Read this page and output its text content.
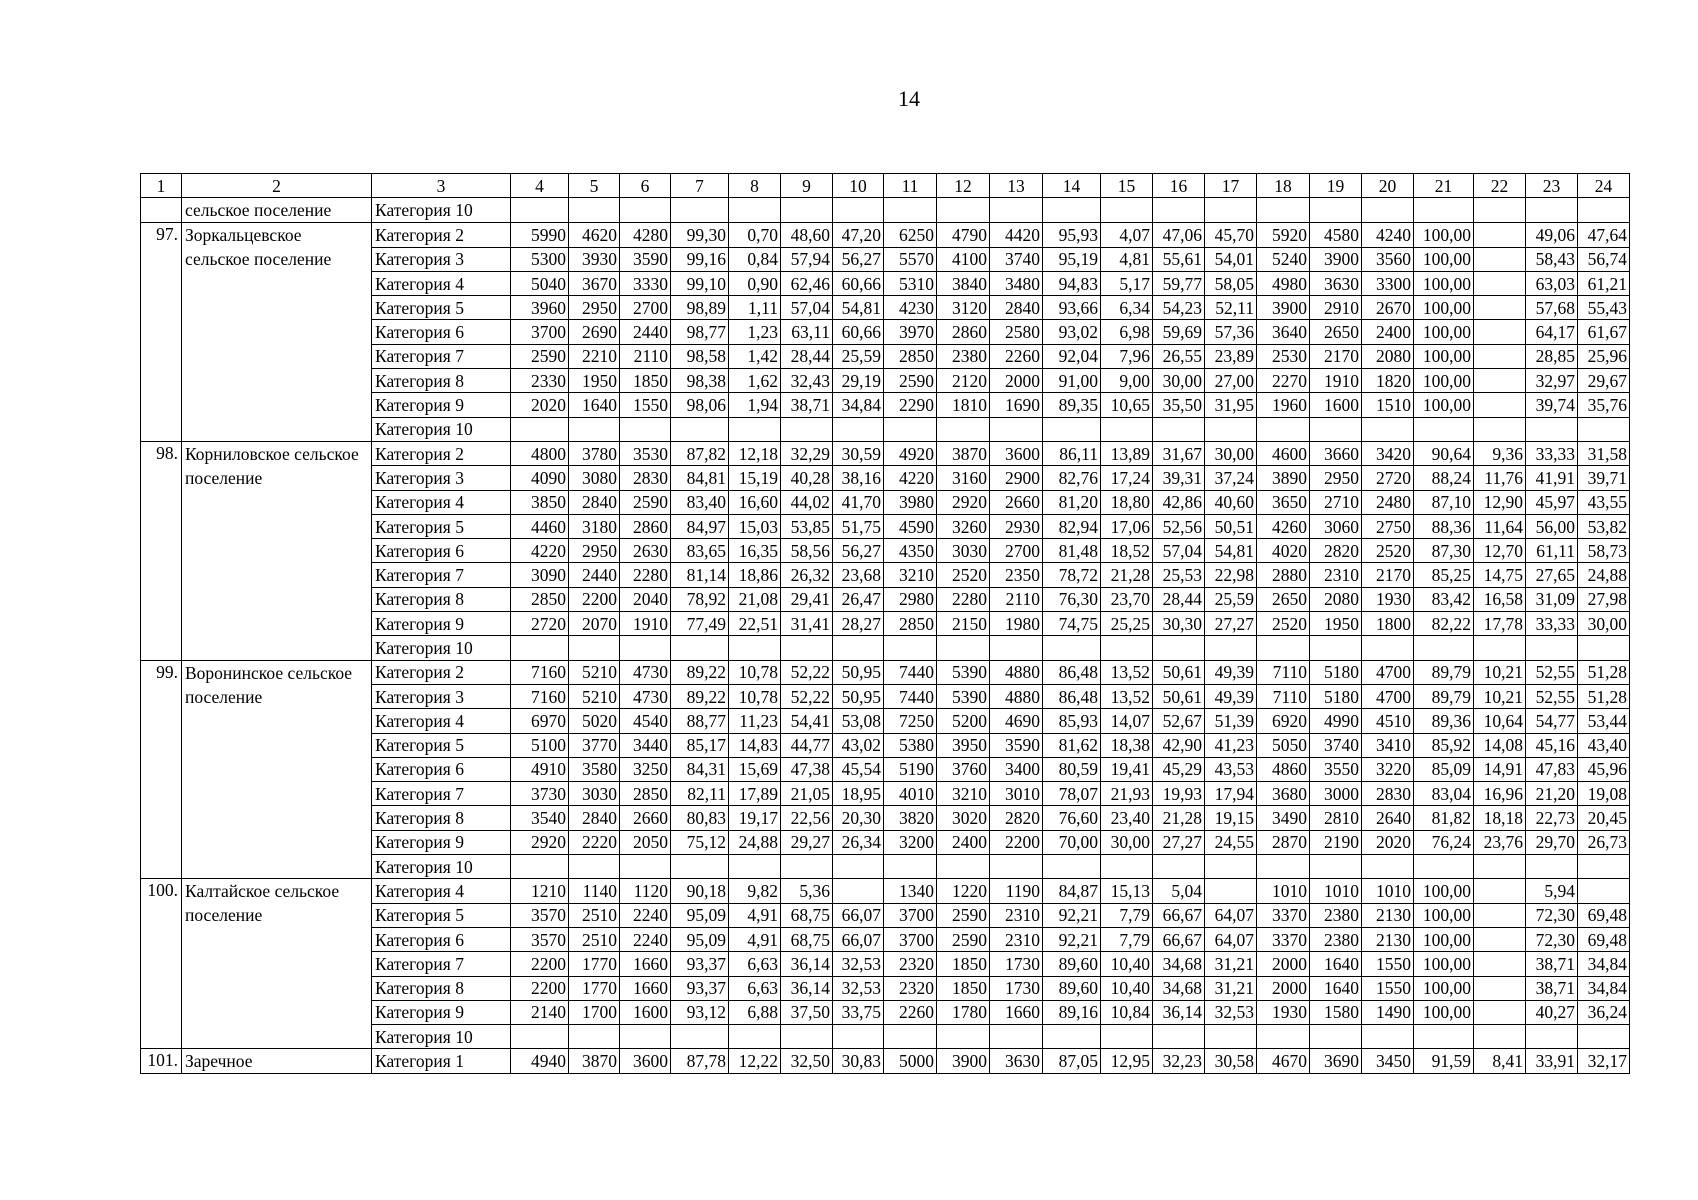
14
1	2	3	4	5	6	7	8	9	10	11	12	13	14	15	16	17	18	19	20	21	22	23	24
	сельское поселение	Категория 10																					
97.	Зоркальцевское сельское поселение	Категория 2	5990	4620	4280	99,30	0,70	48,60	47,20	6250	4790	4420	95,93	4,07	47,06	45,70	5920	4580	4240	100,00		49,06	47,64
		Категория 3	5300	3930	3590	99,16	0,84	57,94	56,27	5570	4100	3740	95,19	4,81	55,61	54,01	5240	3900	3560	100,00		58,43	56,74
		Категория 4	5040	3670	3330	99,10	0,90	62,46	60,66	5310	3840	3480	94,83	5,17	59,77	58,05	4980	3630	3300	100,00		63,03	61,21
		Категория 5	3960	2950	2700	98,89	1,11	57,04	54,81	4230	3120	2840	93,66	6,34	54,23	52,11	3900	2910	2670	100,00		57,68	55,43
		Категория 6	3700	2690	2440	98,77	1,23	63,11	60,66	3970	2860	2580	93,02	6,98	59,69	57,36	3640	2650	2400	100,00		64,17	61,67
		Категория 7	2590	2210	2110	98,58	1,42	28,44	25,59	2850	2380	2260	92,04	7,96	26,55	23,89	2530	2170	2080	100,00		28,85	25,96
		Категория 8	2330	1950	1850	98,38	1,62	32,43	29,19	2590	2120	2000	91,00	9,00	30,00	27,00	2270	1910	1820	100,00		32,97	29,67
		Категория 9	2020	1640	1550	98,06	1,94	38,71	34,84	2290	1810	1690	89,35	10,65	35,50	31,95	1960	1600	1510	100,00		39,74	35,76
		Категория 10																					
98.	Корниловское сельское поселение	Категория 2	4800	3780	3530	87,82	12,18	32,29	30,59	4920	3870	3600	86,11	13,89	31,67	30,00	4600	3660	3420	90,64	9,36	33,33	31,58
		Категория 3	4090	3080	2830	84,81	15,19	40,28	38,16	4220	3160	2900	82,76	17,24	39,31	37,24	3890	2950	2720	88,24	11,76	41,91	39,71
		Категория 4	3850	2840	2590	83,40	16,60	44,02	41,70	3980	2920	2660	81,20	18,80	42,86	40,60	3650	2710	2480	87,10	12,90	45,97	43,55
		Категория 5	4460	3180	2860	84,97	15,03	53,85	51,75	4590	3260	2930	82,94	17,06	52,56	50,51	4260	3060	2750	88,36	11,64	56,00	53,82
		Категория 6	4220	2950	2630	83,65	16,35	58,56	56,27	4350	3030	2700	81,48	18,52	57,04	54,81	4020	2820	2520	87,30	12,70	61,11	58,73
		Категория 7	3090	2440	2280	81,14	18,86	26,32	23,68	3210	2520	2350	78,72	21,28	25,53	22,98	2880	2310	2170	85,25	14,75	27,65	24,88
		Категория 8	2850	2200	2040	78,92	21,08	29,41	26,47	2980	2280	2110	76,30	23,70	28,44	25,59	2650	2080	1930	83,42	16,58	31,09	27,98
		Категория 9	2720	2070	1910	77,49	22,51	31,41	28,27	2850	2150	1980	74,75	25,25	30,30	27,27	2520	1950	1800	82,22	17,78	33,33	30,00
		Категория 10																					
99.	Воронинское сельское поселение	Категория 2	7160	5210	4730	89,22	10,78	52,22	50,95	7440	5390	4880	86,48	13,52	50,61	49,39	7110	5180	4700	89,79	10,21	52,55	51,28
		Категория 3	7160	5210	4730	89,22	10,78	52,22	50,95	7440	5390	4880	86,48	13,52	50,61	49,39	7110	5180	4700	89,79	10,21	52,55	51,28
		Категория 4	6970	5020	4540	88,77	11,23	54,41	53,08	7250	5200	4690	85,93	14,07	52,67	51,39	6920	4990	4510	89,36	10,64	54,77	53,44
		Категория 5	5100	3770	3440	85,17	14,83	44,77	43,02	5380	3950	3590	81,62	18,38	42,90	41,23	5050	3740	3410	85,92	14,08	45,16	43,40
		Категория 6	4910	3580	3250	84,31	15,69	47,38	45,54	5190	3760	3400	80,59	19,41	45,29	43,53	4860	3550	3220	85,09	14,91	47,83	45,96
		Категория 7	3730	3030	2850	82,11	17,89	21,05	18,95	4010	3210	3010	78,07	21,93	19,93	17,94	3680	3000	2830	83,04	16,96	21,20	19,08
		Категория 8	3540	2840	2660	80,83	19,17	22,56	20,30	3820	3020	2820	76,60	23,40	21,28	19,15	3490	2810	2640	81,82	18,18	22,73	20,45
		Категория 9	2920	2220	2050	75,12	24,88	29,27	26,34	3200	2400	2200	70,00	30,00	27,27	24,55	2870	2190	2020	76,24	23,76	29,70	26,73
		Категория 10																					
100.	Калтайское сельское поселение	Категория 4	1210	1140	1120	90,18	9,82	5,36		1340	1220	1190	84,87	15,13	5,04		1010	1010	1010	100,00		5,94	
		Категория 5	3570	2510	2240	95,09	4,91	68,75	66,07	3700	2590	2310	92,21	7,79	66,67	64,07	3370	2380	2130	100,00		72,30	69,48
		Категория 6	3570	2510	2240	95,09	4,91	68,75	66,07	3700	2590	2310	92,21	7,79	66,67	64,07	3370	2380	2130	100,00		72,30	69,48
		Категория 7	2200	1770	1660	93,37	6,63	36,14	32,53	2320	1850	1730	89,60	10,40	34,68	31,21	2000	1640	1550	100,00		38,71	34,84
		Категория 8	2200	1770	1660	93,37	6,63	36,14	32,53	2320	1850	1730	89,60	10,40	34,68	31,21	2000	1640	1550	100,00		38,71	34,84
		Категория 9	2140	1700	1600	93,12	6,88	37,50	33,75	2260	1780	1660	89,16	10,84	36,14	32,53	1930	1580	1490	100,00		40,27	36,24
		Категория 10																					
101.	Заречное	Категория 1	4940	3870	3600	87,78	12,22	32,50	30,83	5000	3900	3630	87,05	12,95	32,23	30,58	4670	3690	3450	91,59	8,41	33,91	32,17
